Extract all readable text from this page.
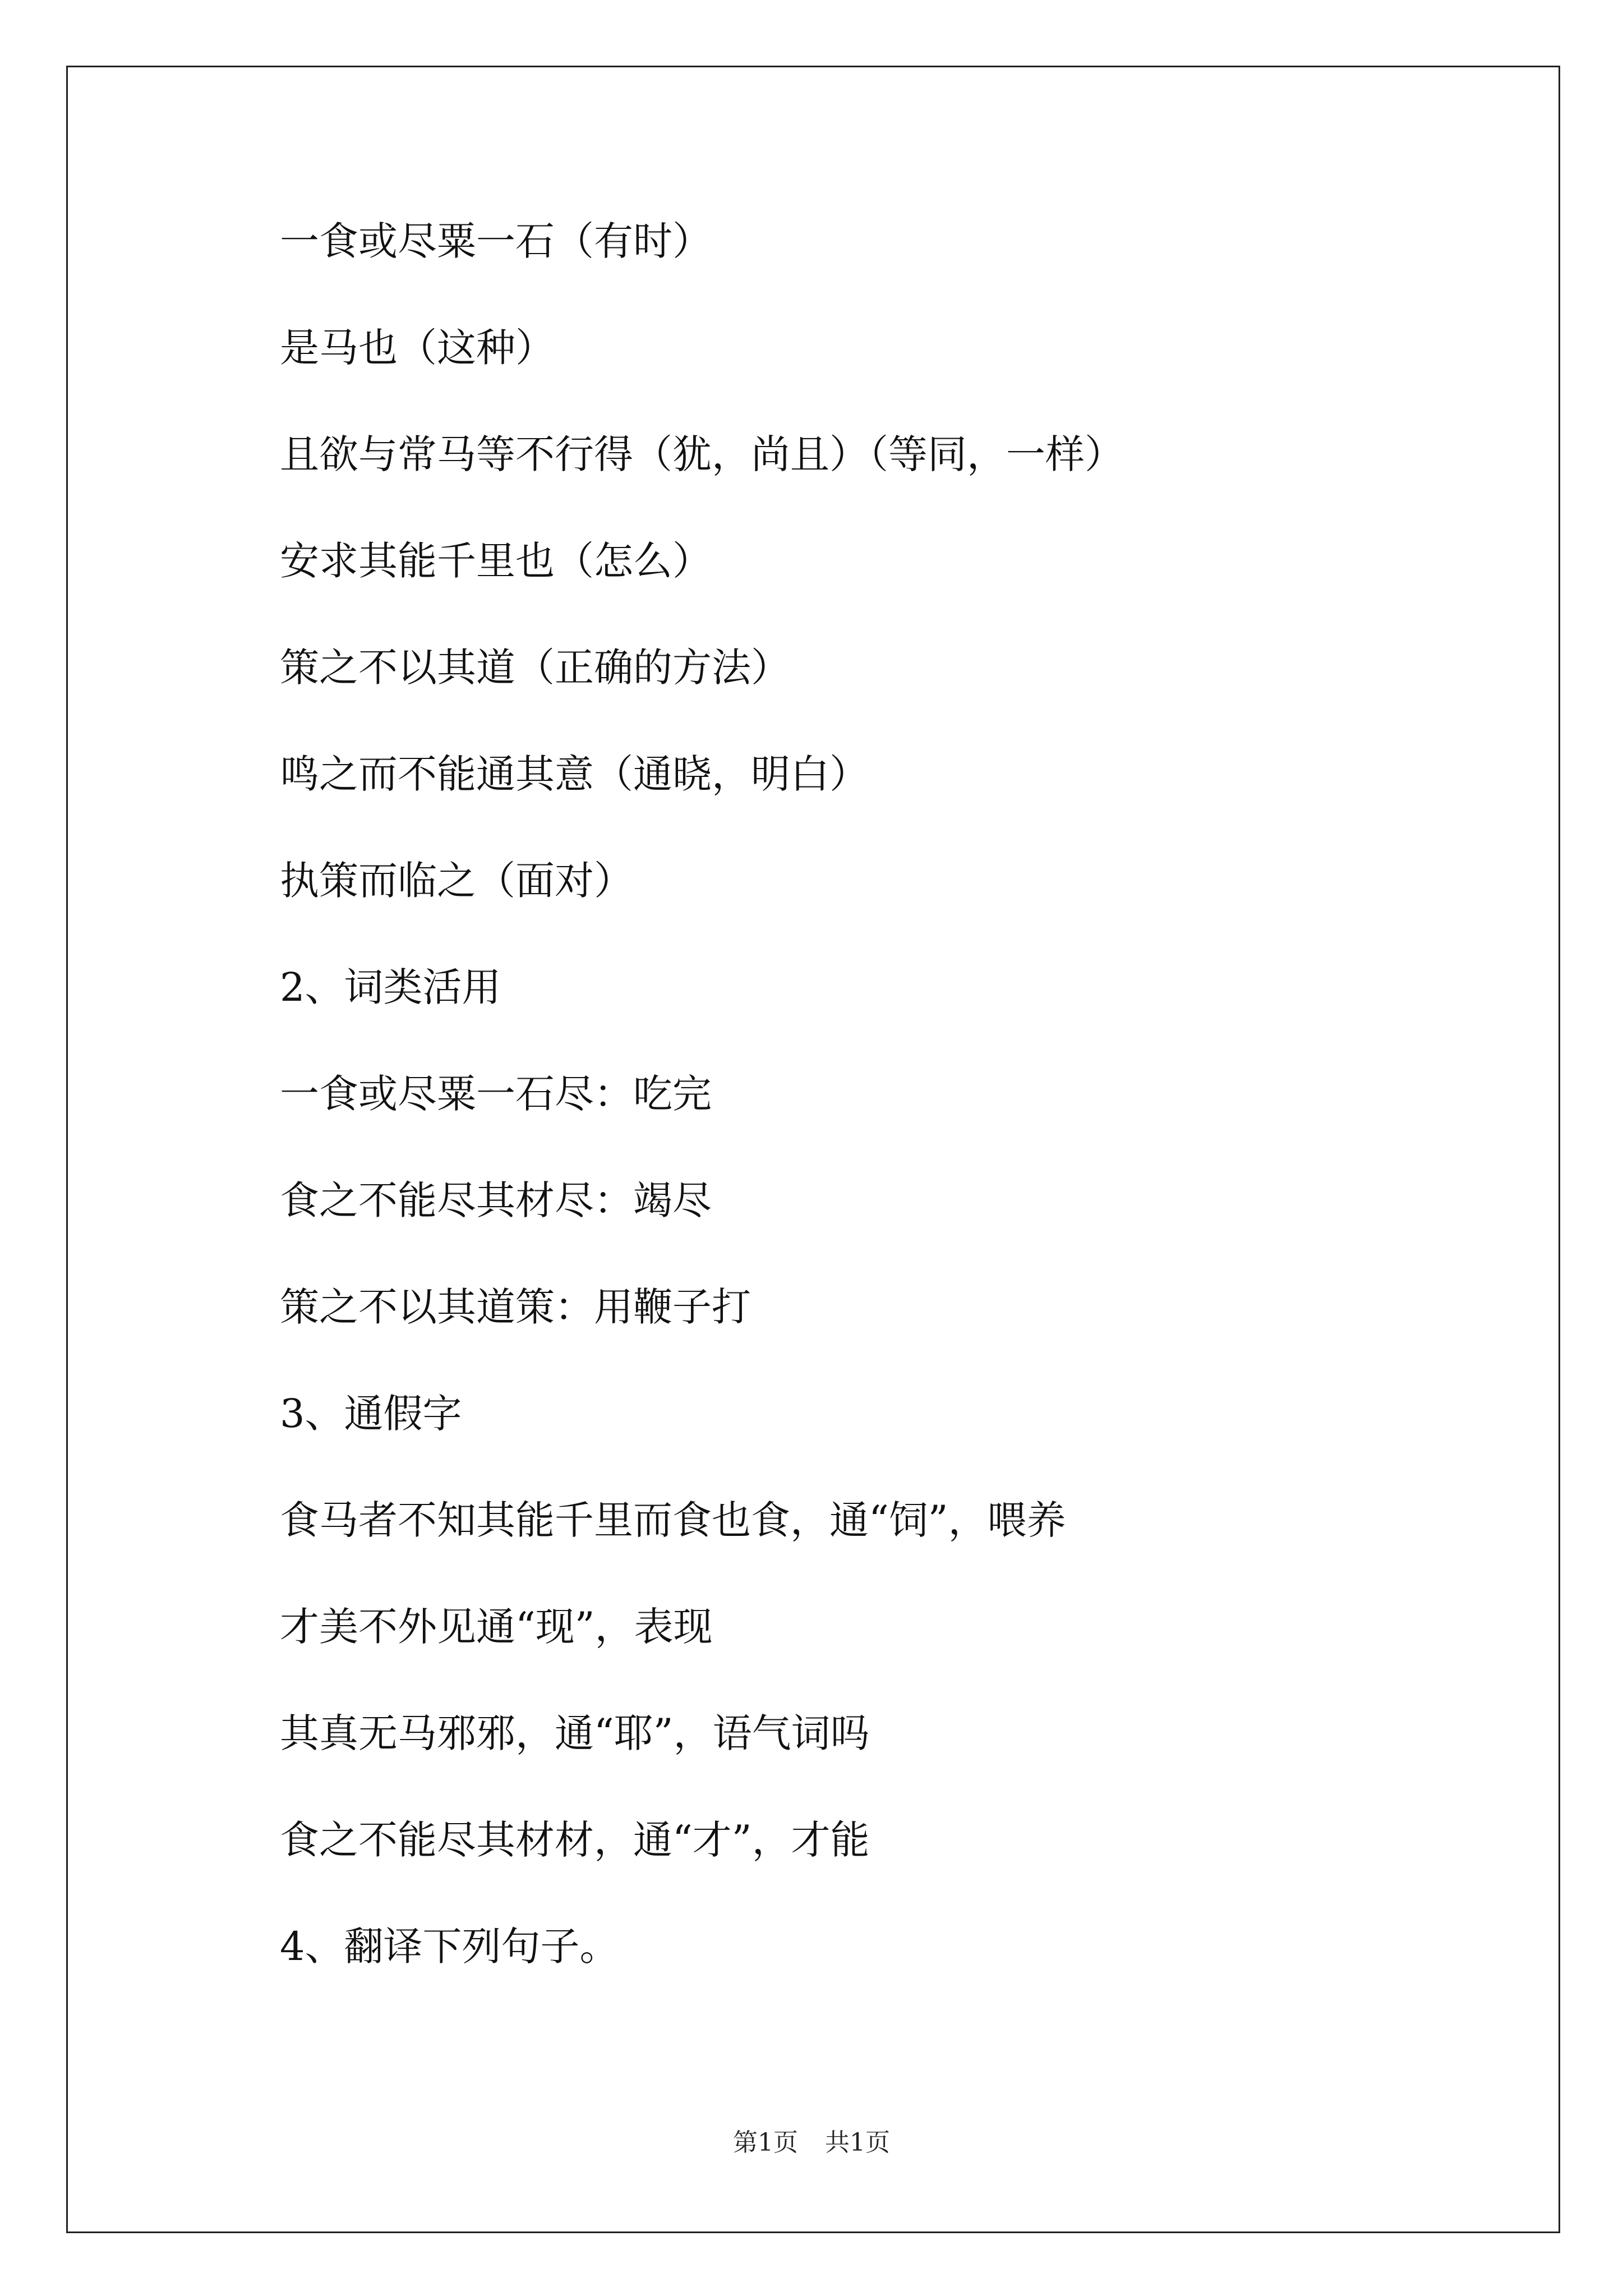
一食或尽粟一石（有时）
是马也（这种）
且欲与常马等不行得（犹，尚且）（等同，一样）
安求其能千里也（怎么）
策之不以其道（正确的方法）
鸣之而不能通其意（通晓，明白）
执策而临之（面对）
2、词类活用
一食或尽粟一石尽：吃完
食之不能尽其材尽：竭尽
策之不以其道策：用鞭子打
3、通假字
食马者不知其能千里而食也食，通“饲”，喂养
才美不外见通“现”，表现
其真无马邪邪，通“耶”，语气词吗
食之不能尽其材材，通“才”，才能
4、翻译下列句子。
第1页 共1页
